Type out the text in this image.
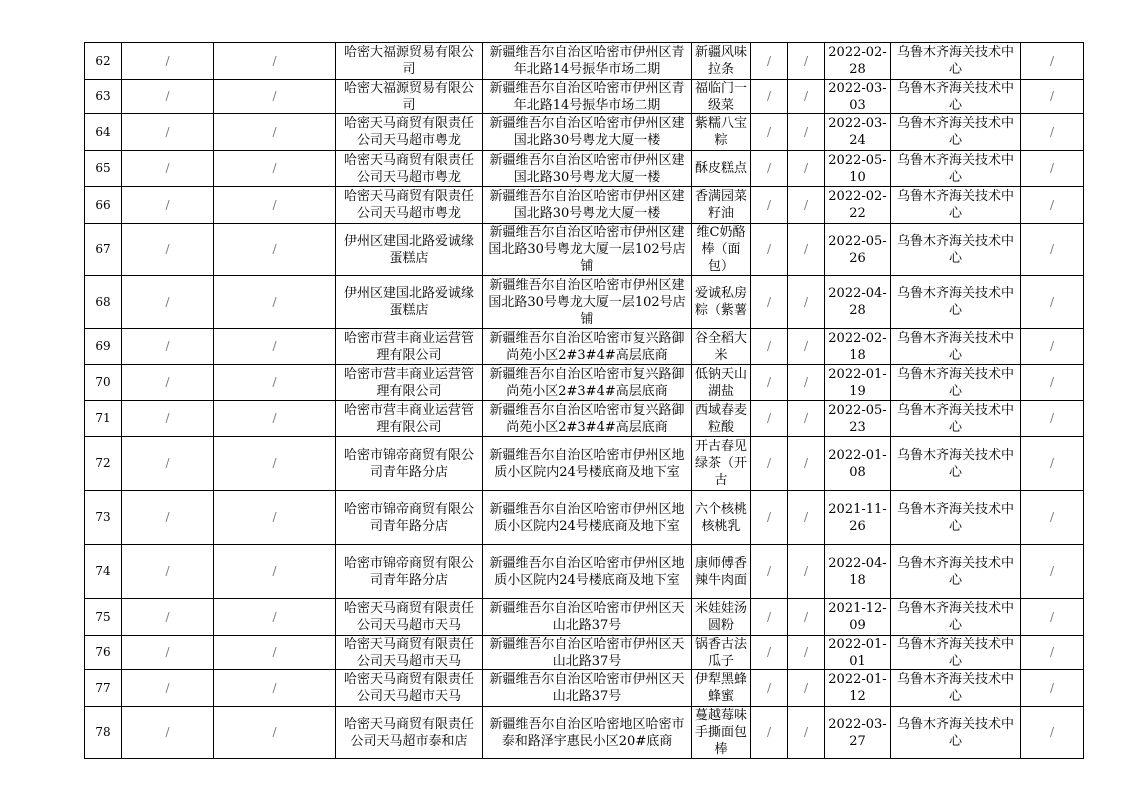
62	/	/	哈密大福源贸易有限公司	新疆维吾尔自治区哈密市伊州区青年北路14号振华市场二期	新疆风味拉条	/	/	2022-02-28	乌鲁木齐海关技术中心	/

63	/	/	哈密大福源贸易有限公司	新疆维吾尔自治区哈密市伊州区青年北路14号振华市场二期	福临门一级菜	/	/	2022-03-03	乌鲁木齐海关技术中心	/

64	/	/	哈密天马商贸有限责任公司天马超市粤龙	新疆维吾尔自治区哈密市伊州区建国北路30号粤龙大厦一楼	紫糯八宝粽	/	/	2022-03-24	乌鲁木齐海关技术中心	/

65	/	/	哈密天马商贸有限责任公司天马超市粤龙	新疆维吾尔自治区哈密市伊州区建国北路30号粤龙大厦一楼	酥皮糕点	/	/	2022-05-10	乌鲁木齐海关技术中心	/

66	/	/	哈密天马商贸有限责任公司天马超市粤龙	新疆维吾尔自治区哈密市伊州区建国北路30号粤龙大厦一楼	香满园菜籽油	/	/	2022-02-22	乌鲁木齐海关技术中心	/

67	/	/	伊州区建国北路爱诚缘蛋糕店	新疆维吾尔自治区哈密市伊州区建国北路30号粤龙大厦一层102号店铺	维C奶酪棒（面包）	/	/	2022-05-26	乌鲁木齐海关技术中心	/

68	/	/	伊州区建国北路爱诚缘蛋糕店	新疆维吾尔自治区哈密市伊州区建国北路30号粤龙大厦一层102号店铺	爱诚私房粽（紫薯	/	/	2022-04-28	乌鲁木齐海关技术中心	/

69	/	/	哈密市营丰商业运营管理有限公司	新疆维吾尔自治区哈密市复兴路御尚苑小区2#3#4#高层底商	谷全稻大米	/	/	2022-02-18	乌鲁木齐海关技术中心	/

70	/	/	哈密市营丰商业运营管理有限公司	新疆维吾尔自治区哈密市复兴路御尚苑小区2#3#4#高层底商	低钠天山湖盐	/	/	2022-01-19	乌鲁木齐海关技术中心	/

71	/	/	哈密市营丰商业运营管理有限公司	新疆维吾尔自治区哈密市复兴路御尚苑小区2#3#4#高层底商	西域春麦粒酸	/	/	2022-05-23	乌鲁木齐海关技术中心	/

72	/	/	哈密市锦帝商贸有限公司青年路分店	新疆维吾尔自治区哈密市伊州区地质小区院内24号楼底商及地下室	开古春见绿茶（开古	/	/	2022-01-08	乌鲁木齐海关技术中心	/

73	/	/	哈密市锦帝商贸有限公司青年路分店	新疆维吾尔自治区哈密市伊州区地质小区院内24号楼底商及地下室	六个核桃核桃乳	/	/	2021-11-26	乌鲁木齐海关技术中心	/

74	/	/	哈密市锦帝商贸有限公司青年路分店	新疆维吾尔自治区哈密市伊州区地质小区院内24号楼底商及地下室	康师傅香辣牛肉面	/	/	2022-04-18	乌鲁木齐海关技术中心	/

75	/	/	哈密天马商贸有限责任公司天马超市天马	新疆维吾尔自治区哈密市伊州区天山北路37号	米娃娃汤圆粉	/	/	2021-12-09	乌鲁木齐海关技术中心	/

76	/	/	哈密天马商贸有限责任公司天马超市天马	新疆维吾尔自治区哈密市伊州区天山北路37号	锅香古法瓜子	/	/	2022-01-01	乌鲁木齐海关技术中心	/

77	/	/	哈密天马商贸有限责任公司天马超市天马	新疆维吾尔自治区哈密市伊州区天山北路37号	伊犁黑蜂蜂蜜	/	/	2022-01-12	乌鲁木齐海关技术中心	/

78	/	/	哈密天马商贸有限责任公司天马超市泰和店	新疆维吾尔自治区哈密地区哈密市泰和路泽宇惠民小区20#底商	蔓越莓味手撕面包棒	/	/	2022-03-27	乌鲁木齐海关技术中心	/
